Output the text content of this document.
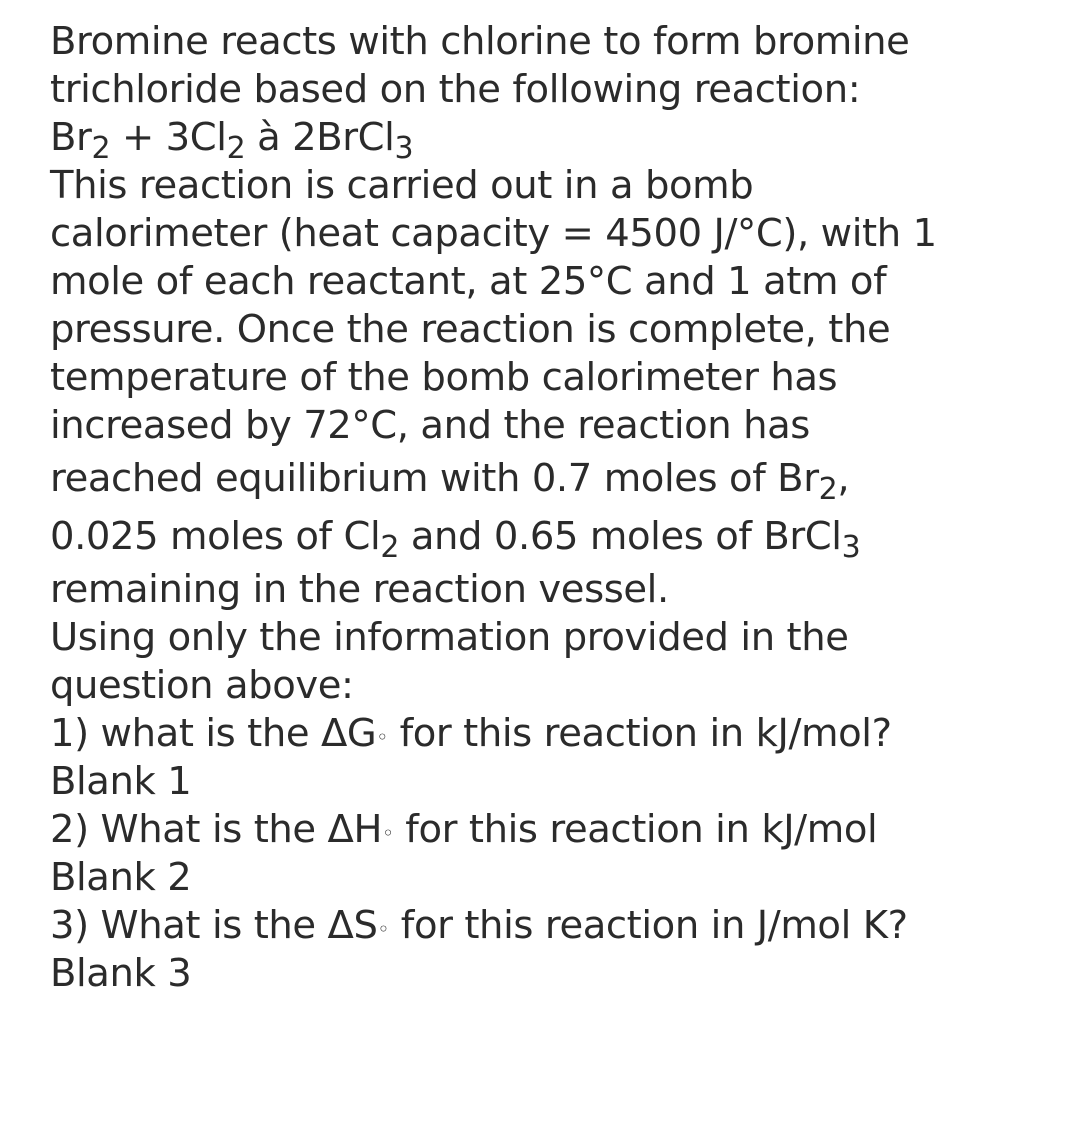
Bromine reacts with chlorine to form bromine
trichloride based on the following reaction:
$Br_2 + 3Cl_2$ à 2BrCl$_3$
This reaction is carried out in a bomb
calorimeter (heat capacity = 4500 J/°C), with 1
mole of each reactant, at 25°C and 1 atm of
pressure. Once the reaction is complete, the
temperature of the bomb calorimeter has
increased by 72°C, and the reaction has
reached equilibrium with 0.7 moles of $Br_2$,
0.025 moles of $Cl_2$ and 0.65 moles of BrCl$_3$
remaining in the reaction vessel.
Using only the information provided in the
question above:
1) what is the ΔG◦ for this reaction in kJ/mol?
Blank 1
2) What is the ΔH◦ for this reaction in kJ/mol
Blank 2
3) What is the ΔS◦ for this reaction in J/mol K?
Blank 3
